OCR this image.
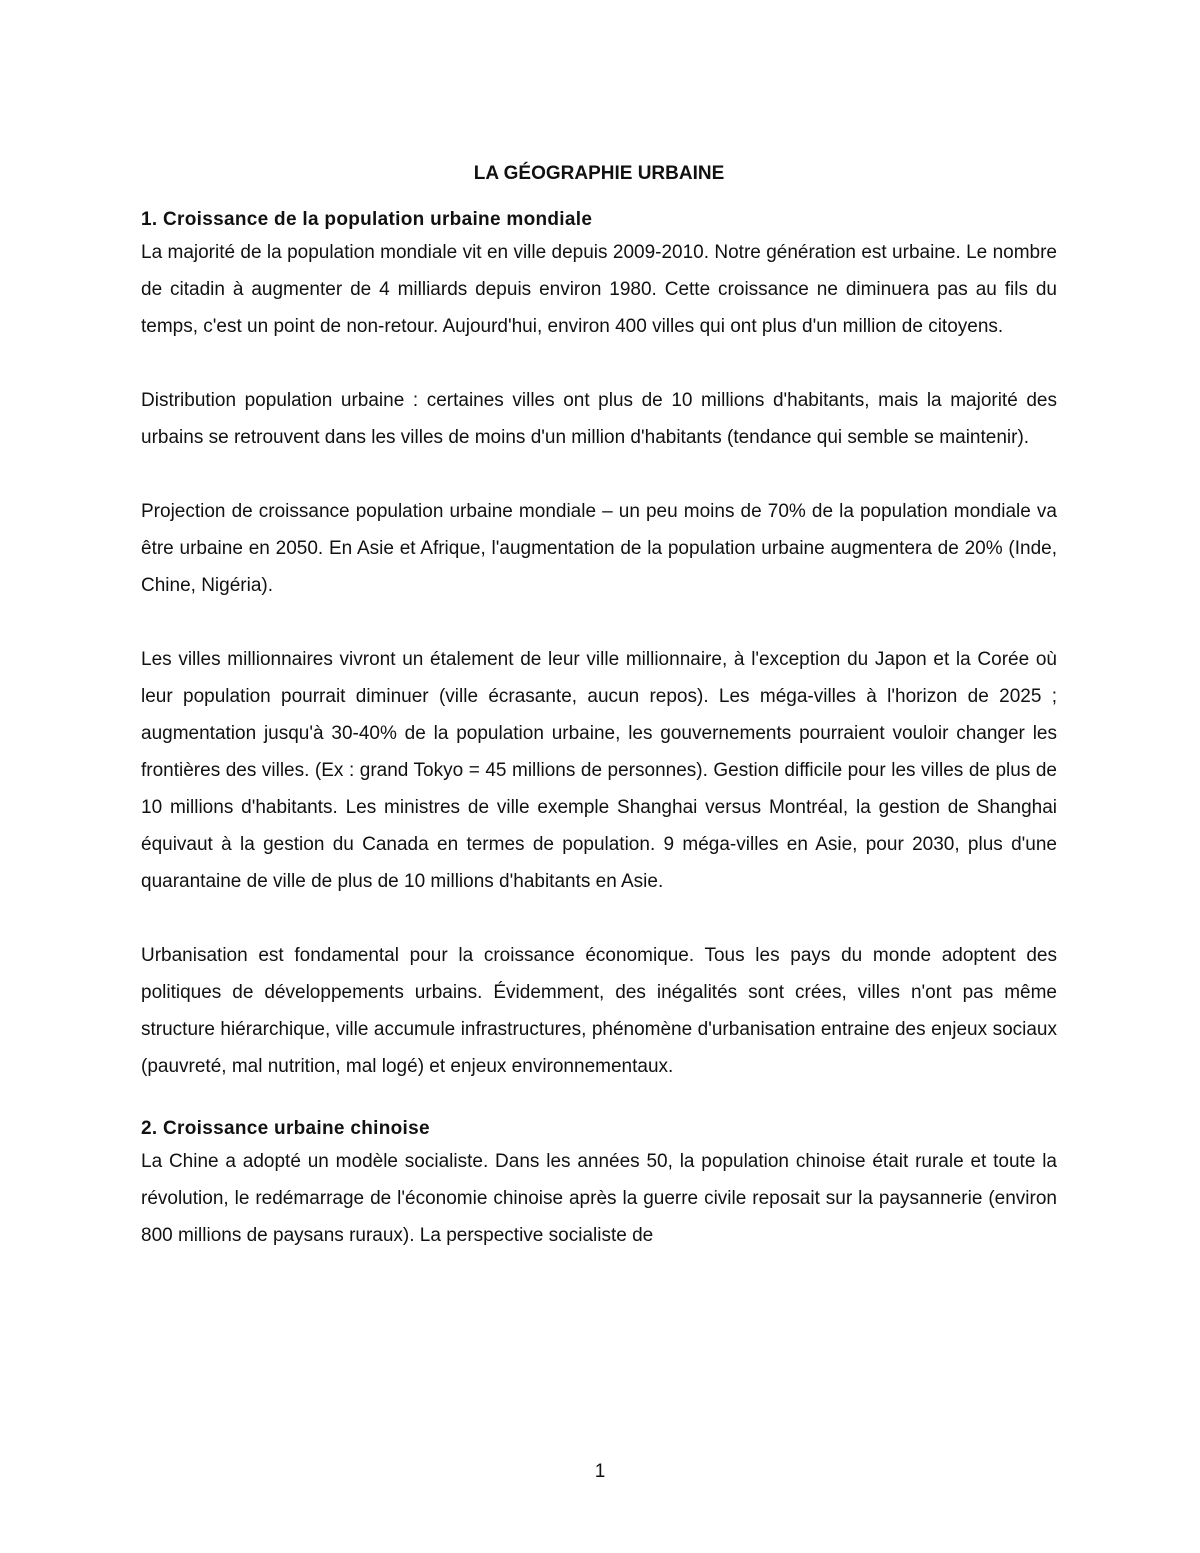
LA GÉOGRAPHIE URBAINE
1. Croissance de la population urbaine mondiale

La majorité de la population mondiale vit en ville depuis 2009-2010. Notre génération est urbaine. Le nombre de citadin à augmenter de 4 milliards depuis environ 1980. Cette croissance ne diminuera pas au fils du temps, c'est un point de non-retour. Aujourd'hui, environ 400 villes qui ont plus d'un million de citoyens.

Distribution population urbaine : certaines villes ont plus de 10 millions d'habitants, mais la majorité des urbains se retrouvent dans les villes de moins d'un million d'habitants (tendance qui semble se maintenir).

Projection de croissance population urbaine mondiale – un peu moins de 70% de la population mondiale va être urbaine en 2050. En Asie et Afrique, l'augmentation de la population urbaine augmentera de 20% (Inde, Chine, Nigéria).

Les villes millionnaires vivront un étalement de leur ville millionnaire, à l'exception du Japon et la Corée où leur population pourrait diminuer (ville écrasante, aucun repos). Les méga-villes à l'horizon de 2025 ; augmentation jusqu'à 30-40% de la population urbaine, les gouvernements pourraient vouloir changer les frontières des villes. (Ex : grand Tokyo = 45 millions de personnes). Gestion difficile pour les villes de plus de 10 millions d'habitants. Les ministres de ville exemple Shanghai versus Montréal, la gestion de Shanghai équivaut à la gestion du Canada en termes de population. 9 méga-villes en Asie, pour 2030, plus d'une quarantaine de ville de plus de 10 millions d'habitants en Asie.

Urbanisation est fondamental pour la croissance économique. Tous les pays du monde adoptent des politiques de développements urbains. Évidemment, des inégalités sont crées, villes n'ont pas même structure hiérarchique, ville accumule infrastructures, phénomène d'urbanisation entraine des enjeux sociaux (pauvreté, mal nutrition, mal logé) et enjeux environnementaux.

2. Croissance urbaine chinoise

La Chine a adopté un modèle socialiste. Dans les années 50, la population chinoise était rurale et toute la révolution, le redémarrage de l'économie chinoise après la guerre civile reposait sur la paysannerie (environ 800 millions de paysans ruraux). La perspective socialiste de

1
